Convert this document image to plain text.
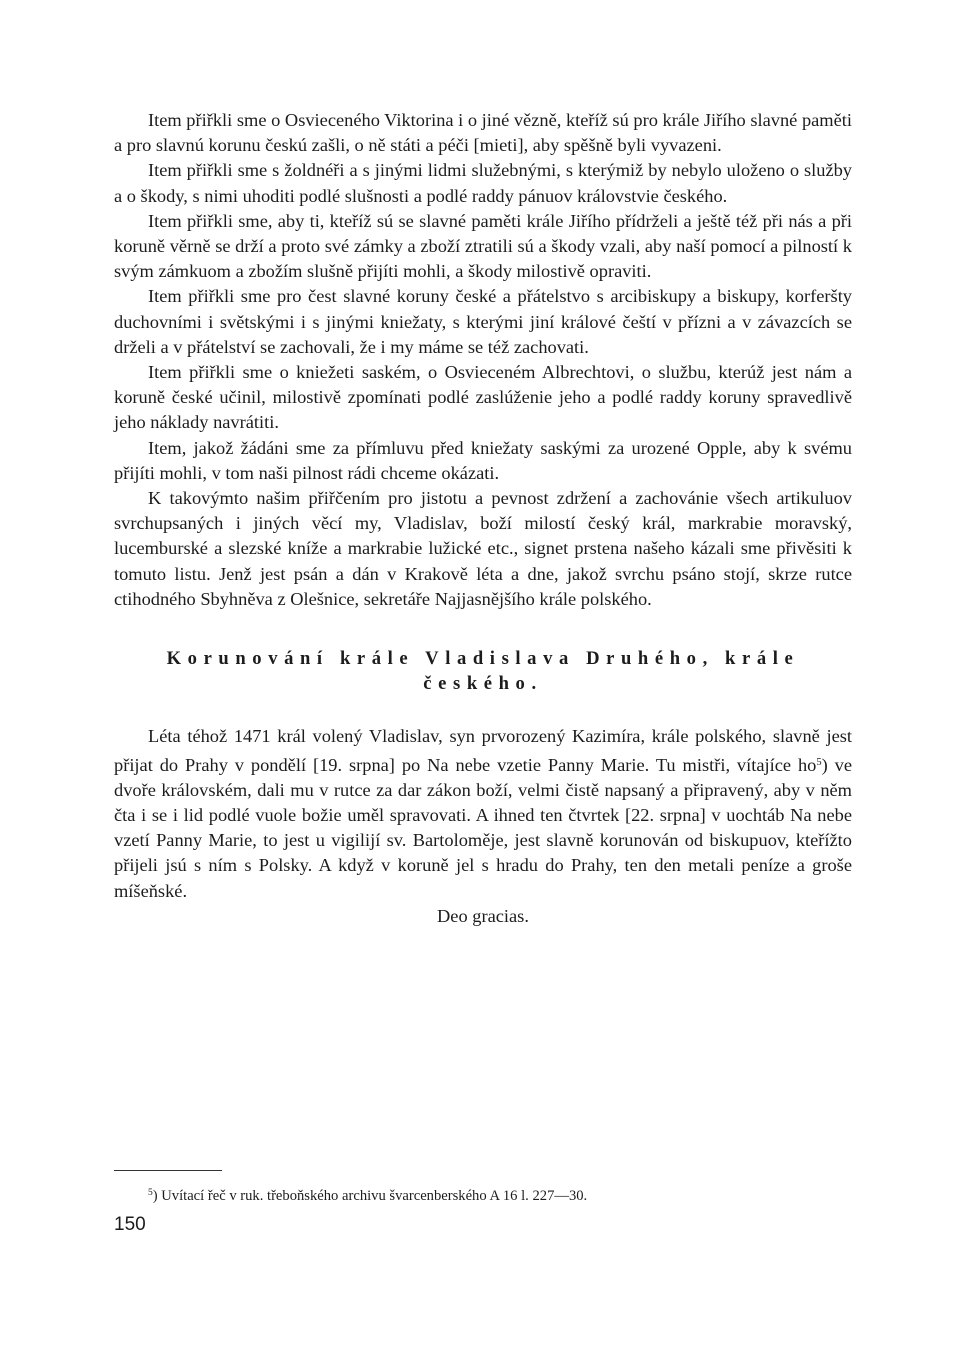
Item přiřkli sme o Osvieceného Viktorina i o jiné vězně, kteříž sú pro krále Jiřího slavné paměti a pro slavnú korunu českú zašli, o ně státi a péči [mieti], aby spěšně byli vyvazeni.

Item přiřkli sme s žoldnéři a s jinými lidmi služebnými, s kterýmiž by nebylo uloženo o služby a o škody, s nimi uhoditi podlé slušnosti a podlé raddy pánuov královstvie českého.

Item přiřkli sme, aby ti, kteříž sú se slavné paměti krále Jiřího přídrželi a ještě též při nás a při koruně věrně se drží a proto své zámky a zboží ztratili sú a škody vzali, aby naší pomocí a pilností k svým zámkuom a zbožím slušně přijíti mohli, a škody milostivě opraviti.

Item přiřkli sme pro čest slavné koruny české a přátelstvo s arcibiskupy a biskupy, korferšty duchovními i světskými i s jinými kniežaty, s kterými jiní králové čeští v přízni a v závazcích se drželi a v přátelství se zachovali, že i my máme se též zachovati.

Item přiřkli sme o kniežeti saském, o Osvieceném Albrechtovi, o službu, kterúž jest nám a koruně české učinil, milostivě zpomínati podlé zaslúženie jeho a podlé raddy koruny spravedlivě jeho náklady navrátiti.

Item, jakož žádáni sme za přímluvu před kniežaty saskými za urozené Opple, aby k svému přijíti mohli, v tom naši pilnost rádi chceme okázati.

K takovýmto našim přiřčením pro jistotu a pevnost zdržení a zachovánie všech artikuluov svrchupsaných i jiných věcí my, Vladislav, boží milostí český král, markrabie moravský, lucemburské a slezské kníže a markrabie lužické etc., signet prstena našeho kázali sme přivěsiti k tomuto listu. Jenž jest psán a dán v Krakově léta a dne, jakož svrchu psáno stojí, skrze rutce ctihodného Sbyhněva z Olešnice, sekretáře Najjasnějšího krále polského.

Korunování krále Vladislava Druhého, krále českého.

Léta téhož 1471 král volený Vladislav, syn prvorozený Kazimíra, krále polského, slavně jest přijat do Prahy v pondělí [19. srpna] po Na nebe vzetie Panny Marie. Tu mistři, vítajíce ho$^5$) ve dvoře královském, dali mu v rutce za dar zákon boží, velmi čistě napsaný a připravený, aby v něm čta i se i lid podlé vuole božie uměl spravovati. A ihned ten čtvrtek [22. srpna] v uochtáb Na nebe vzetí Panny Marie, to jest u vigilijí sv. Bartoloměje, jest slavně korunován od biskupuov, kteřížto přijeli jsú s ním s Polsky. A když v koruně jel s hradu do Prahy, ten den metali peníze a groše míšeňské.

Deo gracias.

$^5$) Uvítací řeč v ruk. třeboňského archivu švarcenberského A 16 l. 227—30.
150
